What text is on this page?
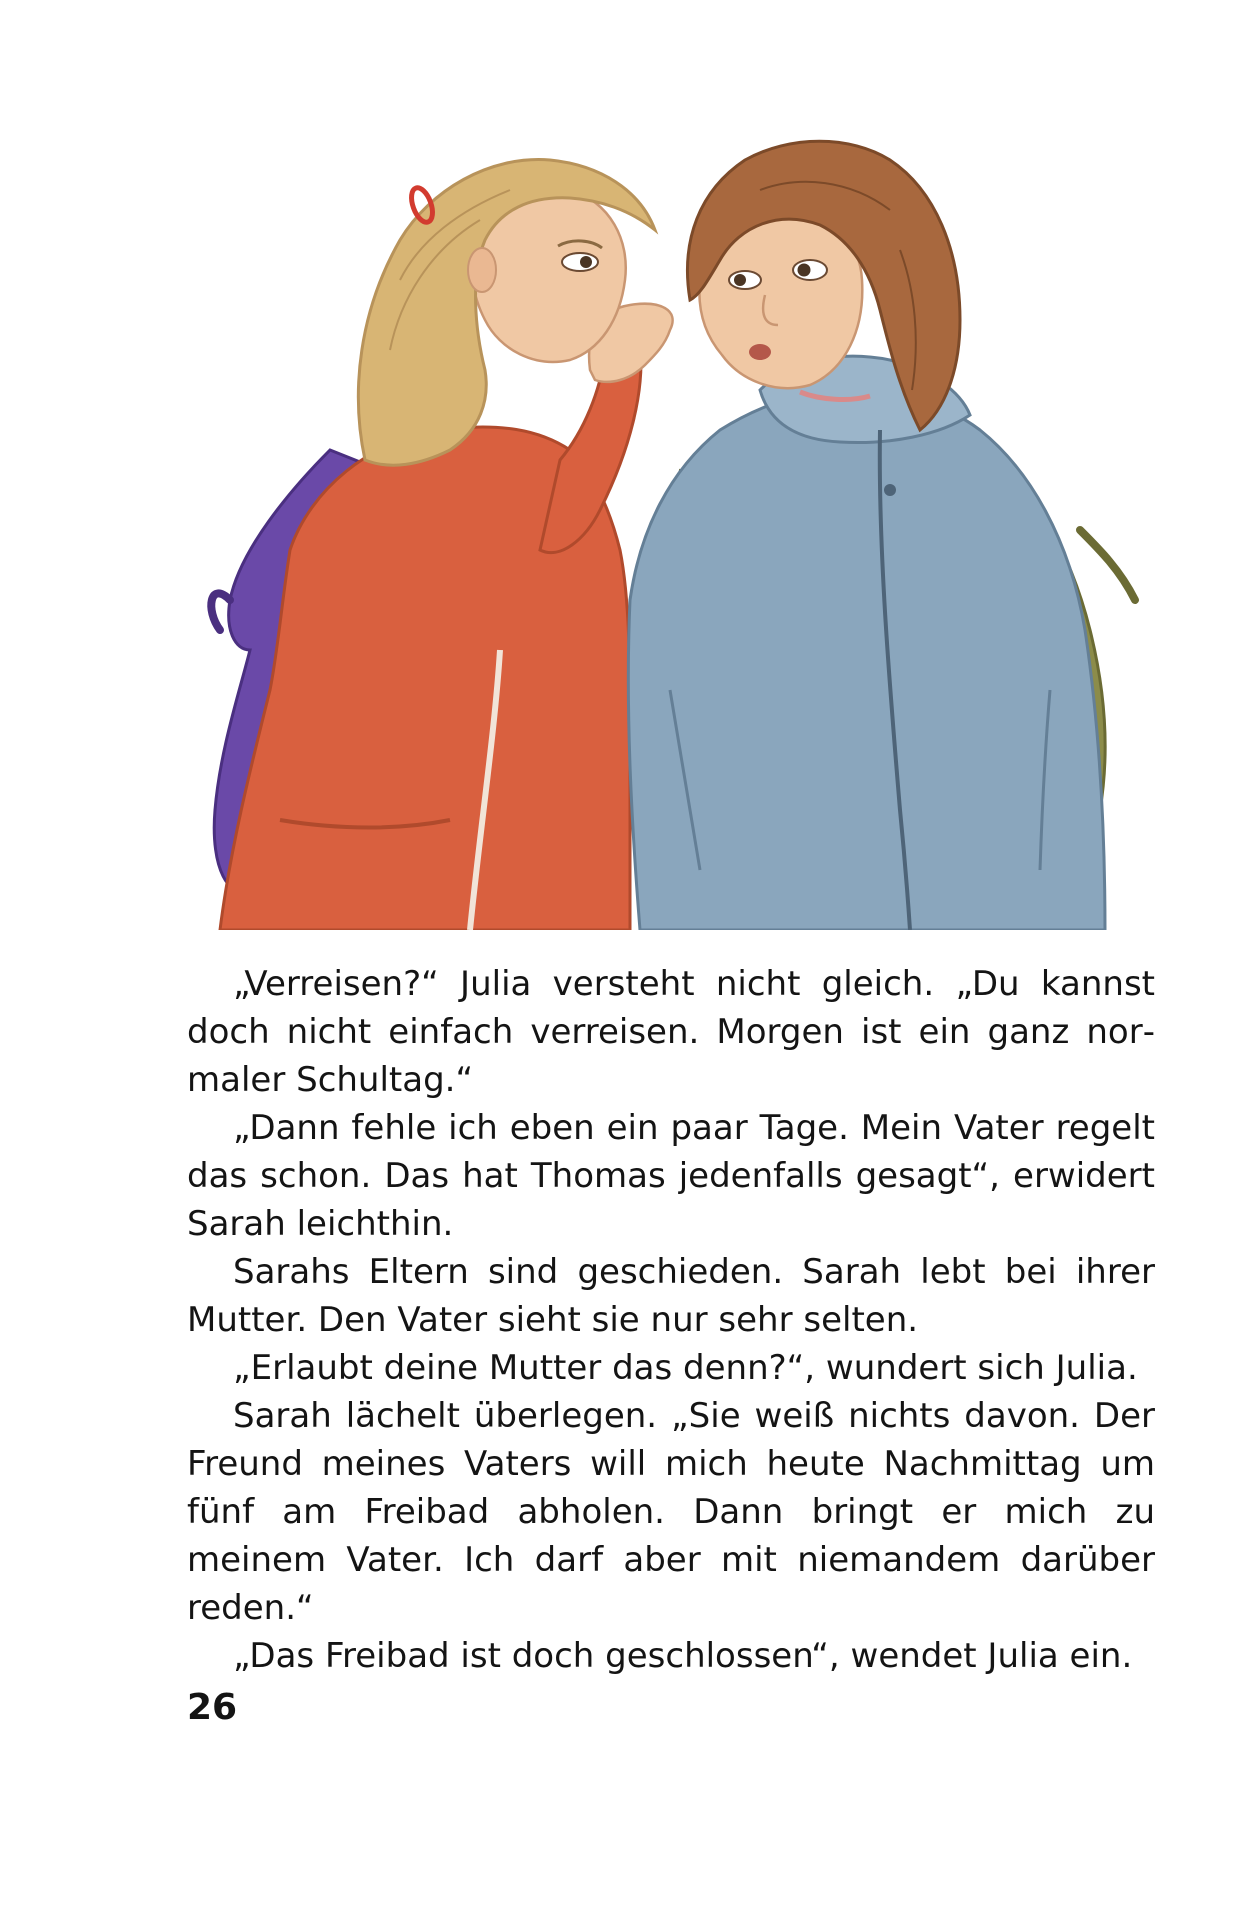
„Verreisen?“ Julia versteht nicht gleich. „Du kannst doch nicht einfach verreisen. Morgen ist ein ganz normaler Schultag.“

„Dann fehle ich eben ein paar Tage. Mein Vater regelt das schon. Das hat Thomas jedenfalls gesagt“, erwidert Sarah leichthin.

Sarahs Eltern sind geschieden. Sarah lebt bei ihrer Mutter. Den Vater sieht sie nur sehr selten.

„Erlaubt deine Mutter das denn?“, wundert sich Julia.

Sarah lächelt überlegen. „Sie weiß nichts davon. Der Freund meines Vaters will mich heute Nachmittag um fünf am Freibad abholen. Dann bringt er mich zu meinem Vater. Ich darf aber mit niemandem darüber reden.“

„Das Freibad ist doch geschlossen“, wendet Julia ein.

26
